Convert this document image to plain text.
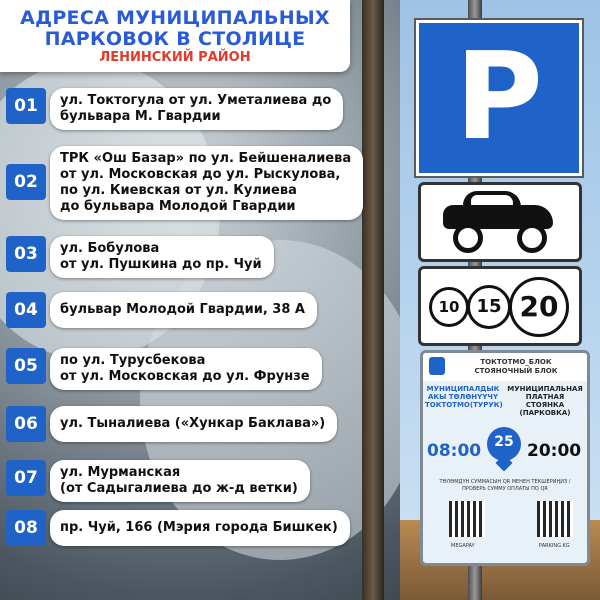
АДРЕСА МУНИЦИПАЛЬНЫХ
ПАРКОВОК В СТОЛИЦЕ
ЛЕНИНСКИЙ РАЙОН
01	ул. Токтогула от ул. Уметалиева до
бульвара М. Гвардии
02
ТРК «Ош Базар» по ул. Бейшеналиева
от ул. Московская до ул. Рыскулова,
по ул. Киевская от ул. Кулиева
до бульвара Молодой Гвардии
03	ул. Бобулова
от ул. Пушкина до пр. Чуй
04	бульвар Молодой Гвардии, 38 А
05	по ул. Турусбекова
от ул. Московская до ул. Фрунзе
06	ул. Тыналиева («Хункар Баклава»)
07	ул. Мурманская
(от Садыгалиева до ж-д ветки)
08	пр. Чуй, 166 (Мэрия города Бишкек)
P
10 15 20
ТОКТОТМО_БЛОК
СТОЯНОЧНЫЙ БЛОК
МУНИЦИПАЛДЫК АКЫ ТӨЛӨНҮҮЧҮ ТОКТОТМО(ТУРУК)
МУНИЦИПАЛЬНАЯ ПЛАТНАЯ СТОЯНКА (ПАРКОВКА)
08:00 25 20:00
ТӨЛӨМДҮН СУММАСЫН QR МЕНЕН ТЕКШЕРИҢИЗ / ПРОВЕРЬ СУММУ ОПЛАТЫ ПО QR
MEGAPAY	PARKING.KG
